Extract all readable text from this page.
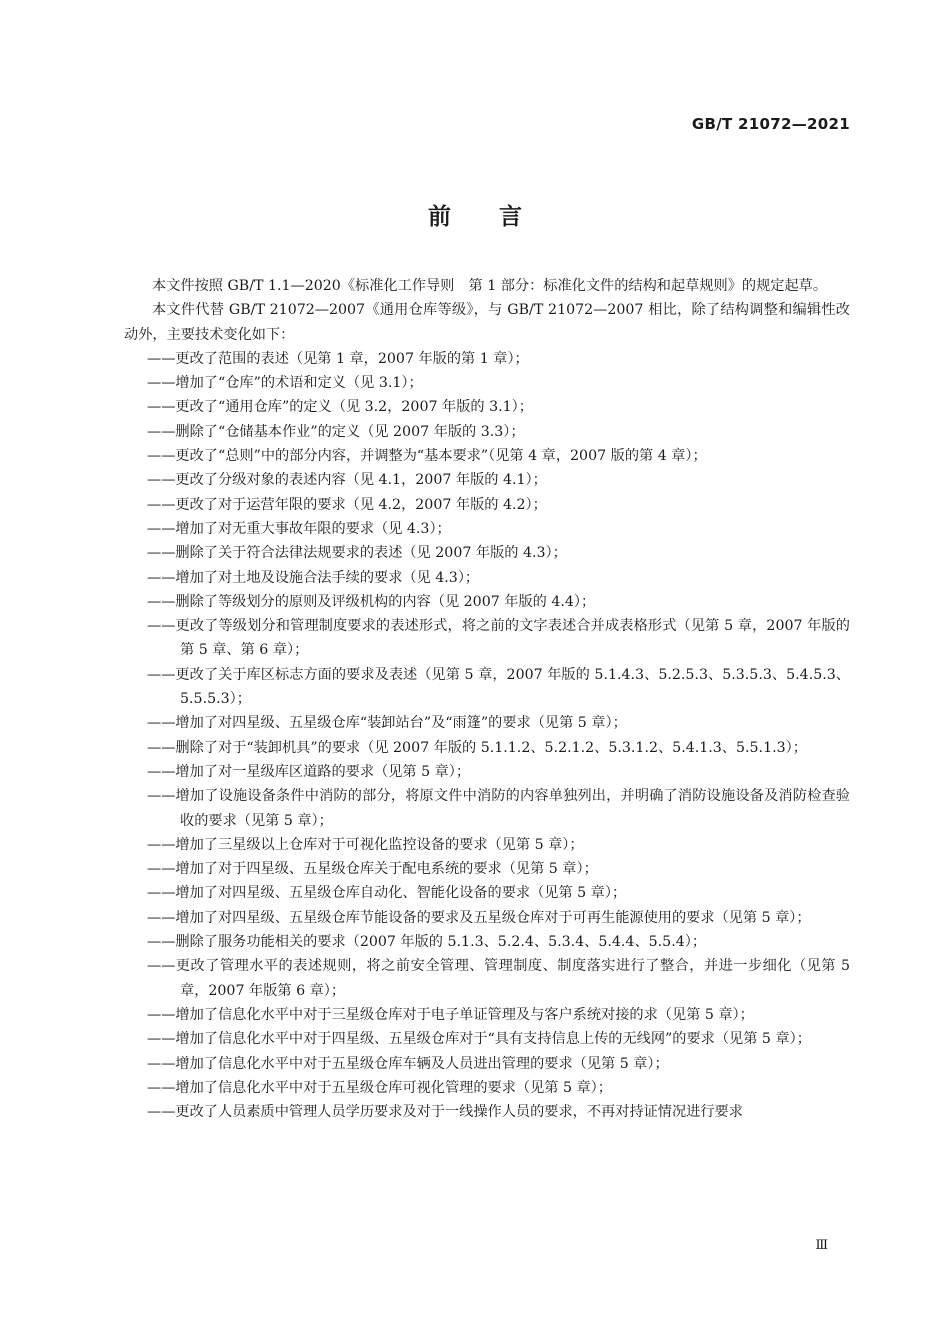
GB/T 21072—2021
前言

本文件按照 GB/T 1.1—2020《标准化工作导则　第 1 部分：标准化文件的结构和起草规则》的规定起草。

本文件代替 GB/T 21072—2007《通用仓库等级》，与 GB/T 21072—2007 相比，除了结构调整和编辑性改动外，主要技术变化如下：

——更改了范围的表述（见第 1 章，2007 年版的第 1 章）；

——增加了“仓库”的术语和定义（见 3.1）；

——更改了“通用仓库”的定义（见 3.2，2007 年版的 3.1）；

——删除了“仓储基本作业”的定义（见 2007 年版的 3.3）；

——更改了“总则”中的部分内容，并调整为“基本要求”（见第 4 章，2007 版的第 4 章）；

——更改了分级对象的表述内容（见 4.1，2007 年版的 4.1）；

——更改了对于运营年限的要求（见 4.2，2007 年版的 4.2）；

——增加了对无重大事故年限的要求（见 4.3）；

——删除了关于符合法律法规要求的表述（见 2007 年版的 4.3）；

——增加了对土地及设施合法手续的要求（见 4.3）；

——删除了等级划分的原则及评级机构的内容（见 2007 年版的 4.4）；

——更改了等级划分和管理制度要求的表述形式，将之前的文字表述合并成表格形式（见第 5 章，2007 年版的第 5 章、第 6 章）；

——更改了关于库区标志方面的要求及表述（见第 5 章，2007 年版的 5.1.4.3、5.2.5.3、5.3.5.3、5.4.5.3、5.5.5.3）；

——增加了对四星级、五星级仓库“装卸站台”及“雨篷”的要求（见第 5 章）；

——删除了对于“装卸机具”的要求（见 2007 年版的 5.1.1.2、5.2.1.2、5.3.1.2、5.4.1.3、5.5.1.3）；

——增加了对一星级库区道路的要求（见第 5 章）；

——增加了设施设备条件中消防的部分，将原文件中消防的内容单独列出，并明确了消防设施设备及消防检查验收的要求（见第 5 章）；

——增加了三星级以上仓库对于可视化监控设备的要求（见第 5 章）；

——增加了对于四星级、五星级仓库关于配电系统的要求（见第 5 章）；

——增加了对四星级、五星级仓库自动化、智能化设备的要求（见第 5 章）；

——增加了对四星级、五星级仓库节能设备的要求及五星级仓库对于可再生能源使用的要求（见第 5 章）；

——删除了服务功能相关的要求（2007 年版的 5.1.3、5.2.4、5.3.4、5.4.4、5.5.4）；

——更改了管理水平的表述规则，将之前安全管理、管理制度、制度落实进行了整合，并进一步细化（见第 5 章，2007 年版第 6 章）；

——增加了信息化水平中对于三星级仓库对于电子单证管理及与客户系统对接的求（见第 5 章）；

——增加了信息化水平中对于四星级、五星级仓库对于“具有支持信息上传的无线网”的要求（见第 5 章）；

——增加了信息化水平中对于五星级仓库车辆及人员进出管理的要求（见第 5 章）；

——增加了信息化水平中对于五星级仓库可视化管理的要求（见第 5 章）；

——更改了人员素质中管理人员学历要求及对于一线操作人员的要求，不再对持证情况进行要求

Ⅲ
